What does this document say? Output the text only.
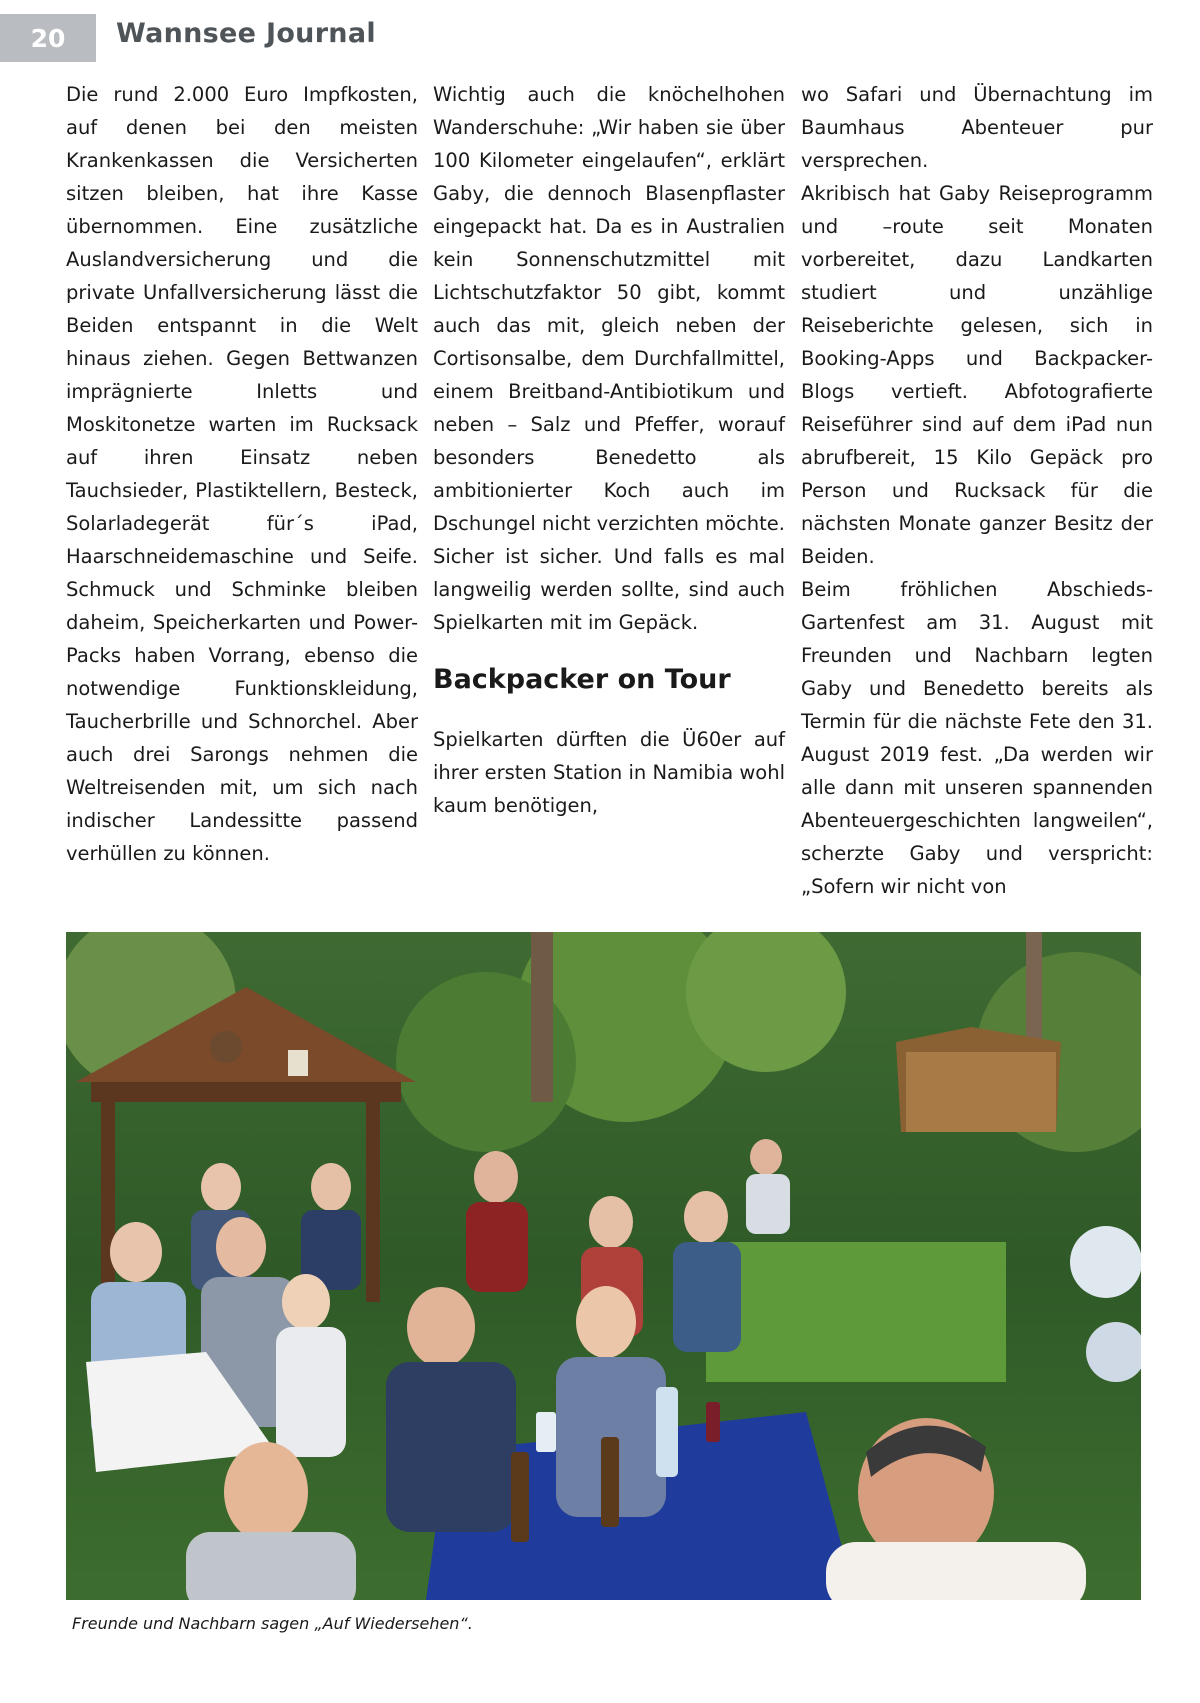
20	Wannsee Journal

Die rund 2.000 Euro Impfkosten, auf denen bei den meisten Krankenkassen die Versicherten sitzen bleiben, hat ihre Kasse übernommen. Eine zusätzliche Auslandversicherung und die private Unfallversicherung lässt die Beiden entspannt in die Welt hinaus ziehen. Gegen Bettwanzen imprägnierte Inletts und Moskitonetze warten im Rucksack auf ihren Einsatz neben Tauchsieder, Plastiktellern, Besteck, Solarladegerät für´s iPad, Haarschneidemaschine und Seife. Schmuck und Schminke bleiben daheim, Speicherkarten und Power-Packs haben Vorrang, ebenso die notwendige Funktionskleidung, Taucherbrille und Schnorchel. Aber auch drei Sarongs nehmen die Weltreisenden mit, um sich nach indischer Landessitte passend verhüllen zu können.

Wichtig auch die knöchelhohen Wanderschuhe: „Wir haben sie über 100 Kilometer eingelaufen“, erklärt Gaby, die dennoch Blasenpflaster eingepackt hat. Da es in Australien kein Sonnenschutzmittel mit Lichtschutzfaktor 50 gibt, kommt auch das mit, gleich neben der Cortisonsalbe, dem Durchfallmittel, einem Breitband-Antibiotikum und neben – Salz und Pfeffer, worauf besonders Benedetto als ambitionierter Koch auch im Dschungel nicht verzichten möchte. Sicher ist sicher. Und falls es mal langweilig werden sollte, sind auch Spielkarten mit im Gepäck.

Backpacker on Tour

Spielkarten dürften die Ü60er auf ihrer ersten Station in Namibia wohl kaum benötigen,

wo Safari und Übernachtung im Baumhaus Abenteuer pur versprechen.

Akribisch hat Gaby Reiseprogramm und –route seit Monaten vorbereitet, dazu Landkarten studiert und unzählige Reiseberichte gelesen, sich in Booking-Apps und Backpacker-Blogs vertieft. Abfotografierte Reiseführer sind auf dem iPad nun abrufbereit, 15 Kilo Gepäck pro Person und Rucksack für die nächsten Monate ganzer Besitz der Beiden.

Beim fröhlichen Abschieds-Gartenfest am 31. August mit Freunden und Nachbarn legten Gaby und Benedetto bereits als Termin für die nächste Fete den 31. August 2019 fest. „Da werden wir alle dann mit unseren spannenden Abenteuergeschichten langweilen“, scherzte Gaby und verspricht: „Sofern wir nicht von

Freunde und Nachbarn sagen „Auf Wiedersehen“.
